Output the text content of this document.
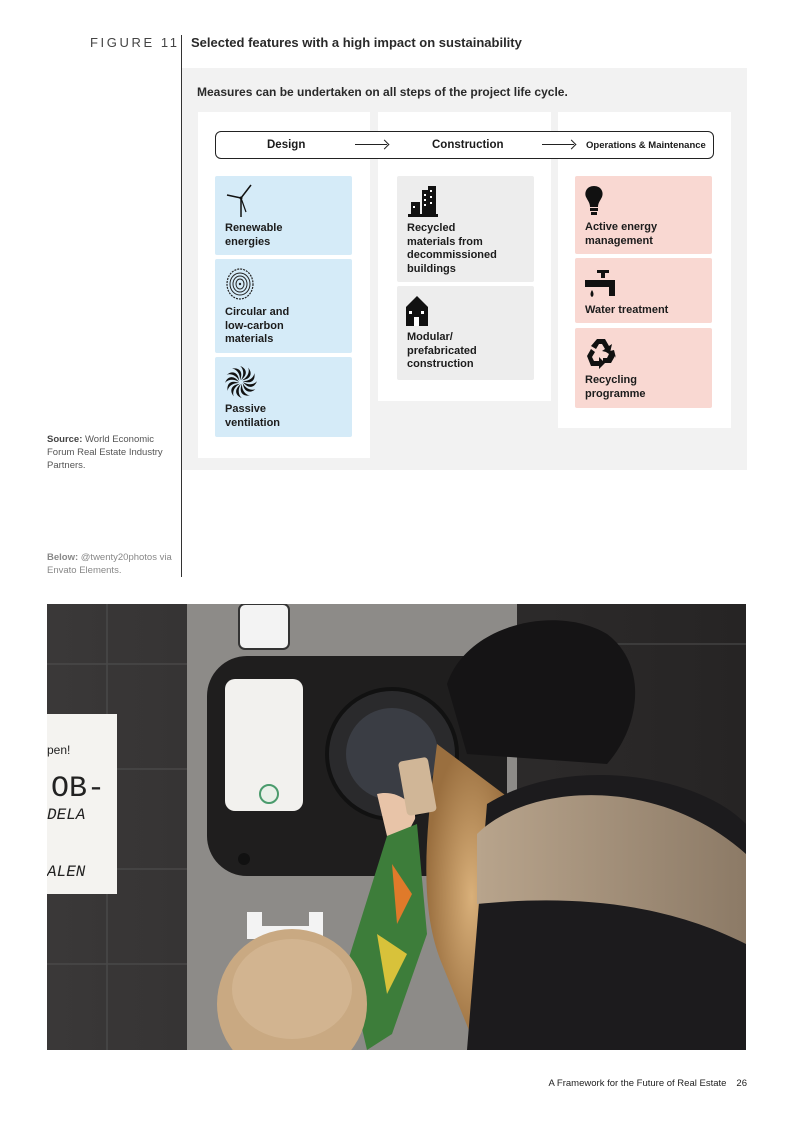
FIGURE 11 Selected features with a high impact on sustainability
Measures can be undertaken on all steps of the project life cycle.
Design	Construction	Operations & Maintenance
Renewable
energies
Circular and
low-carbon
materials
Passive
ventilation
Recycled
materials from
decommissioned
buildings
Modular/
prefabricated
construction
Active energy
management
Water treatment
Recycling
programme
Source: World Economic Forum Real Estate Industry Partners.
Below: @twenty20photos via Envato Elements.
pen!
OB-
DELA
ALEN
A Framework for the Future of Real Estate 26
